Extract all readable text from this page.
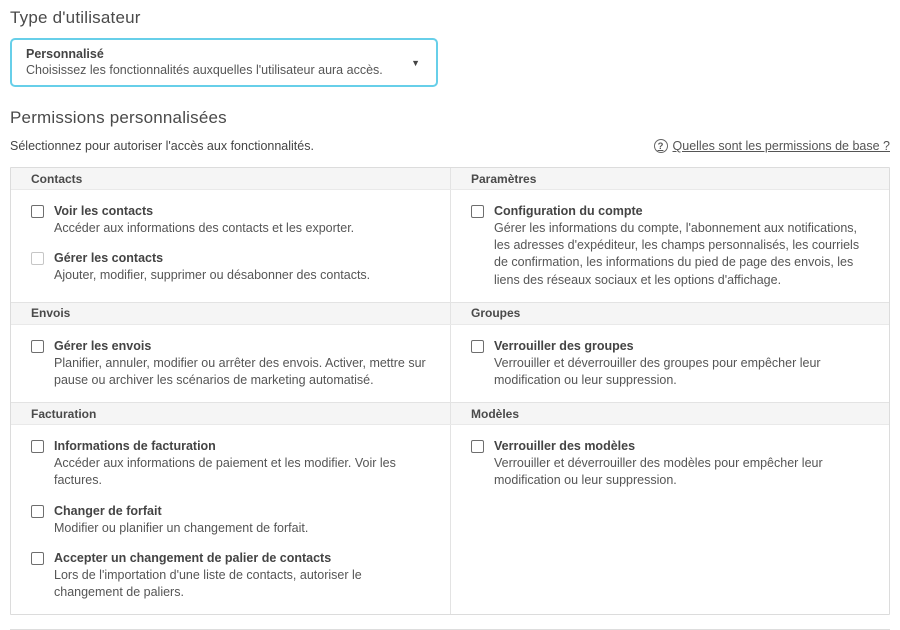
Type d'utilisateur
Personnalisé
Choisissez les fonctionnalités auxquelles l'utilisateur aura accès.
▼
Permissions personnalisées
Sélectionnez pour autoriser l'accès aux fonctionnalités.	? Quelles sont les permissions de base ?
Contacts	Paramètres
Voir les contacts
Accéder aux informations des contacts et les exporter.
Gérer les contacts
Ajouter, modifier, supprimer ou désabonner des contacts.
Configuration du compte
Gérer les informations du compte, l'abonnement aux notifications, les adresses d'expéditeur, les champs personnalisés, les courriels de confirmation, les informations du pied de page des envois, les liens des réseaux sociaux et les options d'affichage.
Envois	Groupes
Gérer les envois
Planifier, annuler, modifier ou arrêter des envois. Activer, mettre sur pause ou archiver les scénarios de marketing automatisé.
Verrouiller des groupes
Verrouiller et déverrouiller des groupes pour empêcher leur modification ou leur suppression.
Facturation	Modèles
Informations de facturation
Accéder aux informations de paiement et les modifier. Voir les factures.
Changer de forfait
Modifier ou planifier un changement de forfait.
Accepter un changement de palier de contacts
Lors de l'importation d'une liste de contacts, autoriser le changement de paliers.
Verrouiller des modèles
Verrouiller et déverrouiller des modèles pour empêcher leur modification ou leur suppression.
